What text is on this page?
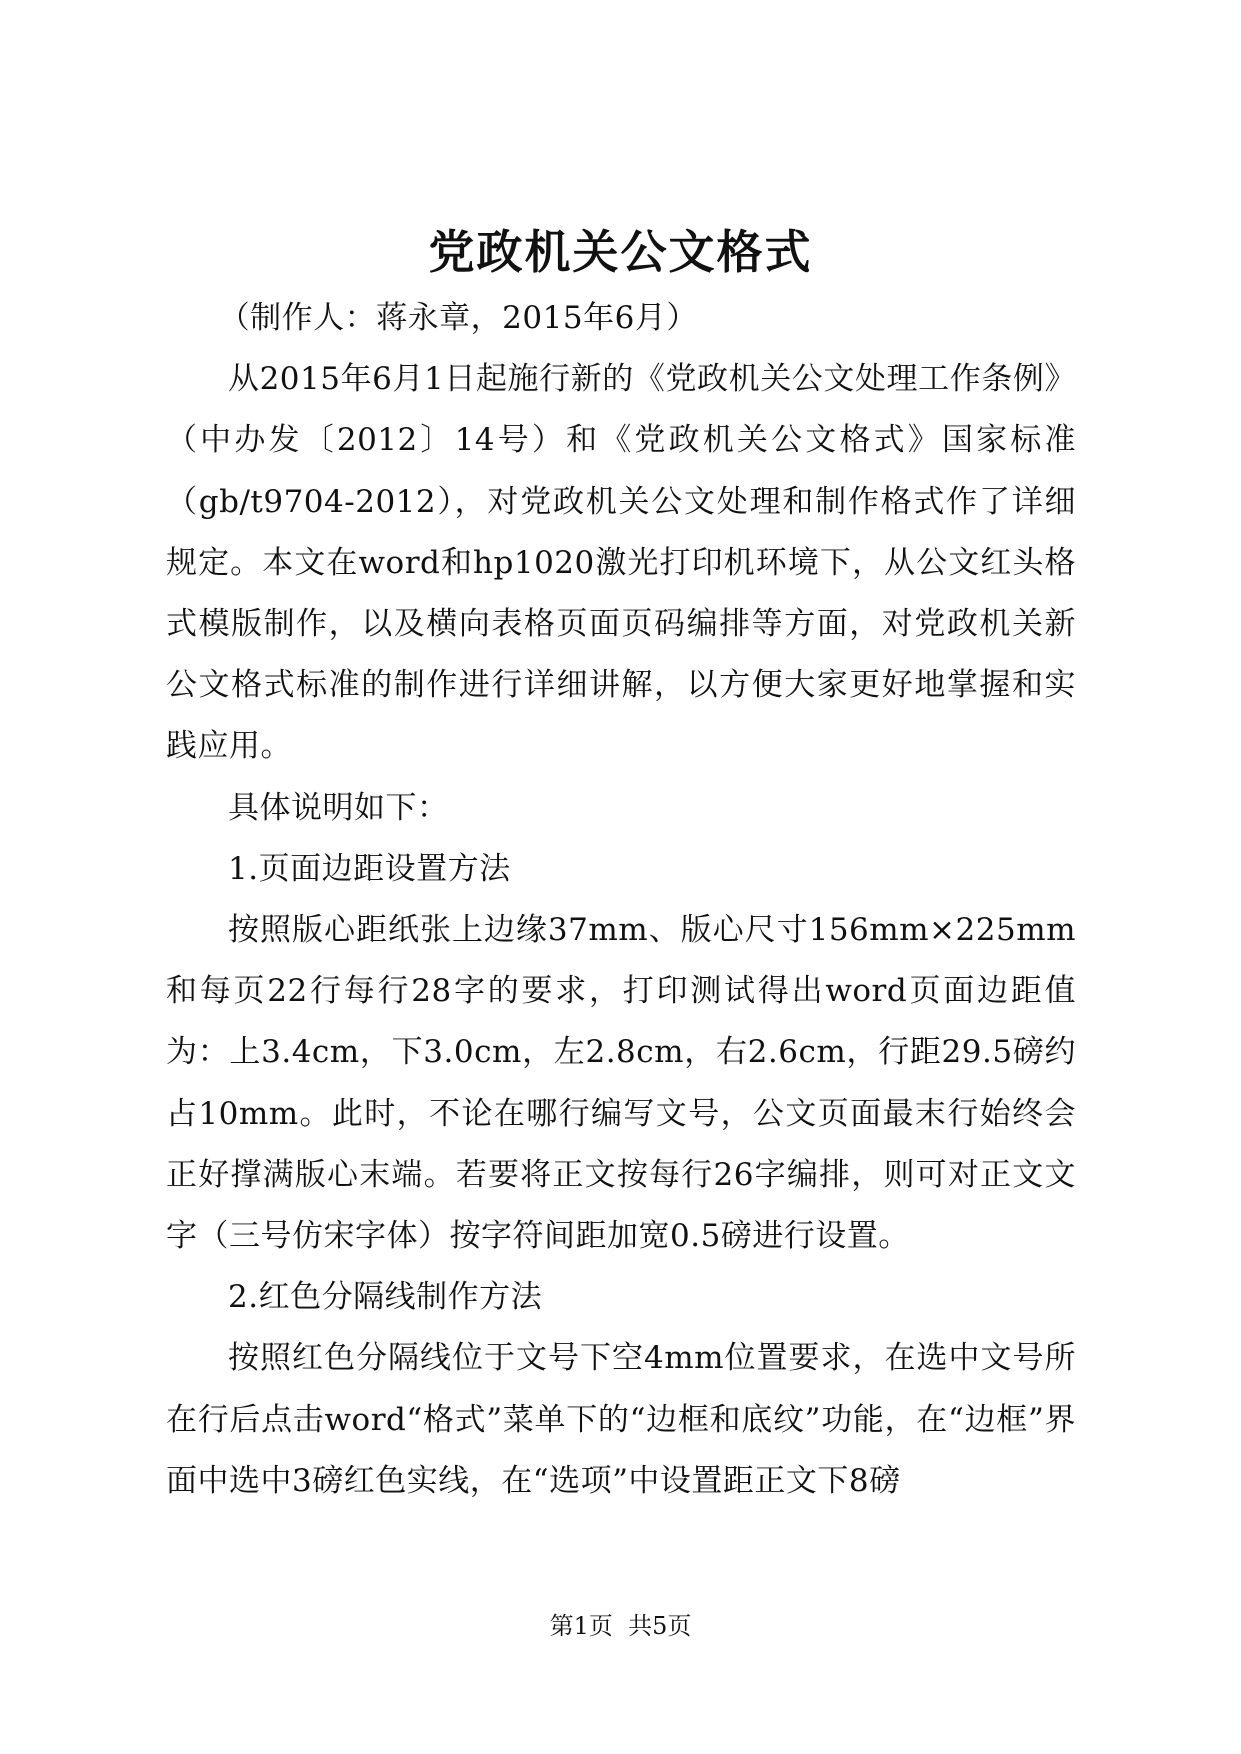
党政机关公文格式

（制作人：蒋永章，2015年6月）

从2015年6月1日起施行新的《党政机关公文处理工作条例》（中办发〔2012〕14号）和《党政机关公文格式》国家标准（gb/t9704-2012），对党政机关公文处理和制作格式作了详细规定。本文在word和hp1020激光打印机环境下，从公文红头格式模版制作，以及横向表格页面页码编排等方面，对党政机关新公文格式标准的制作进行详细讲解，以方便大家更好地掌握和实践应用。

具体说明如下：

1.页面边距设置方法

按照版心距纸张上边缘37mm、版心尺寸156mm×225mm和每页22行每行28字的要求，打印测试得出word页面边距值为：上3.4cm，下3.0cm，左2.8cm，右2.6cm，行距29.5磅约占10mm。此时，不论在哪行编写文号，公文页面最末行始终会正好撑满版心末端。若要将正文按每行26字编排，则可对正文文字（三号仿宋字体）按字符间距加宽0.5磅进行设置。

2.红色分隔线制作方法

按照红色分隔线位于文号下空4mm位置要求，在选中文号所在行后点击word“格式”菜单下的“边框和底纹”功能，在“边框”界面中选中3磅红色实线，在“选项”中设置距正文下8磅

第1页 共5页
